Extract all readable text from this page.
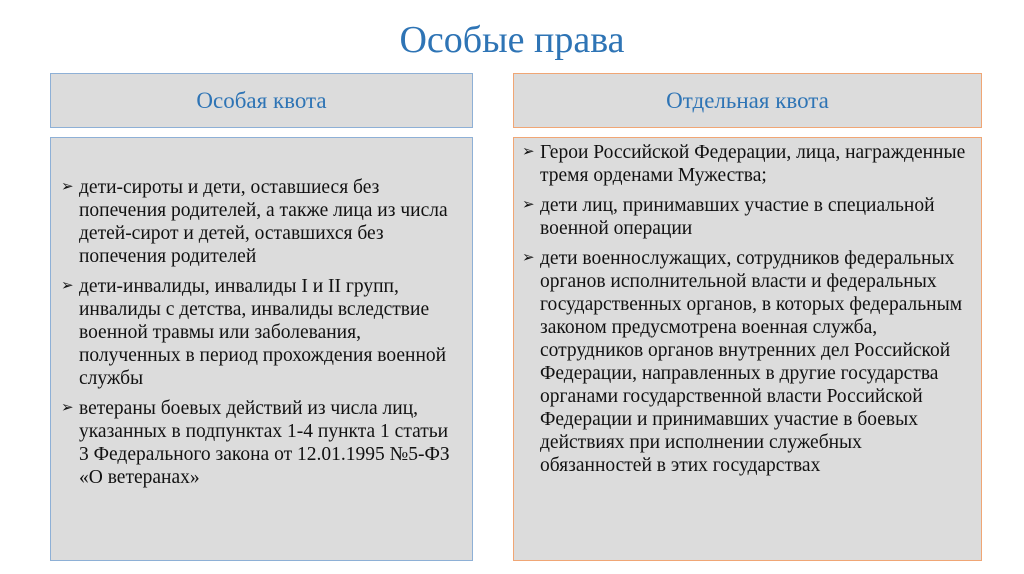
Особые права
Особая квота	Отдельная квота
➢ дети-сироты и дети, оставшиеся без попечения родителей, а также лица из числа детей-сирот и детей, оставшихся без попечения родителей
➢ дети-инвалиды, инвалиды I и II групп, инвалиды с детства, инвалиды вследствие военной травмы или заболевания, полученных в период прохождения военной службы
➢ ветераны боевых действий из числа лиц, указанных в подпунктах 1-4 пункта 1 статьи 3 Федерального закона от 12.01.1995 №5-ФЗ «О ветеранах»
➢ Герои Российской Федерации, лица, награжденные тремя орденами Мужества;
➢ дети лиц, принимавших участие в специальной военной операции
➢ дети военнослужащих, сотрудников федеральных органов исполнительной власти и федеральных государственных органов, в которых федеральным законом предусмотрена военная служба, сотрудников органов внутренних дел Российской Федерации, направленных в другие государства органами государственной власти Российской Федерации и принимавших участие в боевых действиях при исполнении служебных обязанностей в этих государствах
